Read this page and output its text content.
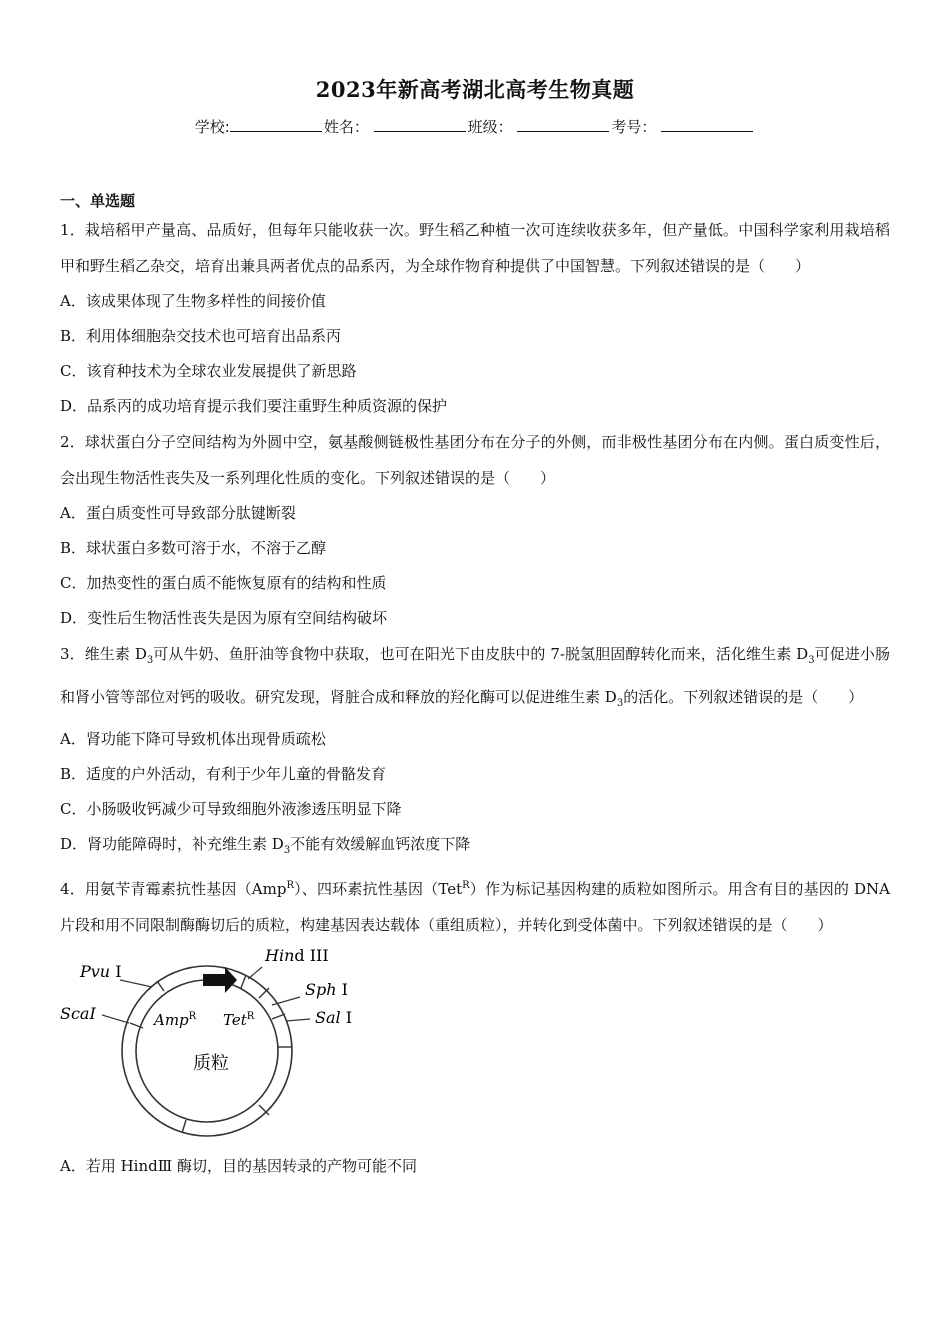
2023年新高考湖北高考生物真题
学校:	姓名：	班级：	考号：
一、单选题
1．栽培稻甲产量高、品质好，但每年只能收获一次。野生稻乙种植一次可连续收获多年，但产量低。中国科学家利用栽培稻甲和野生稻乙杂交，培育出兼具两者优点的品系丙，为全球作物育种提供了中国智慧。下列叙述错误的是（　　）
A．该成果体现了生物多样性的间接价值
B．利用体细胞杂交技术也可培育出品系丙
C．该育种技术为全球农业发展提供了新思路
D．品系丙的成功培育提示我们要注重野生种质资源的保护
2．球状蛋白分子空间结构为外圆中空，氨基酸侧链极性基团分布在分子的外侧，而非极性基团分布在内侧。蛋白质变性后，会出现生物活性丧失及一系列理化性质的变化。下列叙述错误的是（　　）
A．蛋白质变性可导致部分肽键断裂
B．球状蛋白多数可溶于水，不溶于乙醇
C．加热变性的蛋白质不能恢复原有的结构和性质
D．变性后生物活性丧失是因为原有空间结构破坏
3．维生素 $D_3$可从牛奶、鱼肝油等食物中获取，也可在阳光下由皮肤中的 7-脱氢胆固醇转化而来，活化维生素 $D_3$可促进小肠和肾小管等部位对钙的吸收。研究发现，肾脏合成和释放的羟化酶可以促进维生素 $D_3$的活化。下列叙述错误的是（　　）
A．肾功能下降可导致机体出现骨质疏松
B．适度的户外活动，有利于少年儿童的骨骼发育
C．小肠吸收钙减少可导致细胞外液渗透压明显下降
D．肾功能障碍时，补充维生素 $D_3$不能有效缓解血钙浓度下降
4．用氨苄青霉素抗性基因（Amp$^R$）、四环素抗性基因（Tet$^R$）作为标记基因构建的质粒如图所示。用含有目的基因的 DNA 片段和用不同限制酶酶切后的质粒，构建基因表达载体（重组质粒），并转化到受体菌中。下列叙述错误的是（　　）
Pvu I
ScaI
Hind III
Sph I
Sal I
Amp$^R$ Tet$^R$
质粒
A．若用 HindⅢ 酶切，目的基因转录的产物可能不同
